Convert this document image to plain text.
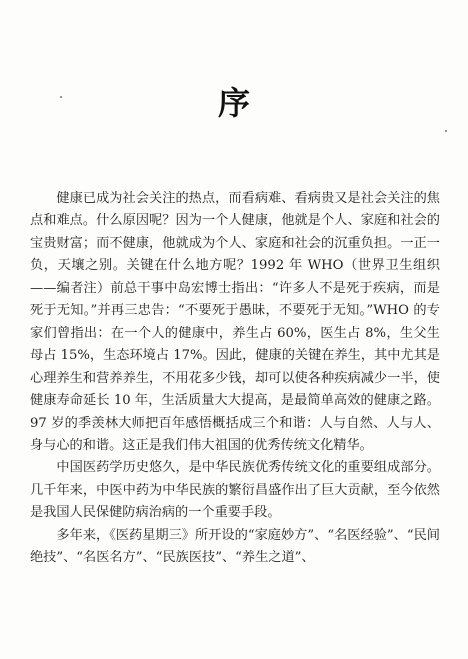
序

健康已成为社会关注的热点，而看病难、看病贵又是社会关注的焦点和难点。什么原因呢？因为一个人健康，他就是个人、家庭和社会的宝贵财富；而不健康，他就成为个人、家庭和社会的沉重负担。一正一负，天壤之别。关键在什么地方呢？1992 年 WHO（世界卫生组织——编者注）前总干事中岛宏博士指出：“许多人不是死于疾病，而是死于无知。”并再三忠告：“不要死于愚昧，不要死于无知。”WHO 的专家们曾指出：在一个人的健康中，养生占 60%，医生占 8%，生父生母占 15%，生态环境占 17%。因此，健康的关键在养生，其中尤其是心理养生和营养养生，不用花多少钱，却可以使各种疾病减少一半，使健康寿命延长 10 年，生活质量大大提高，是最简单高效的健康之路。97 岁的季羡林大师把百年感悟概括成三个和谐：人与自然、人与人、身与心的和谐。这正是我们伟大祖国的优秀传统文化精华。

中国医药学历史悠久，是中华民族优秀传统文化的重要组成部分。几千年来，中医中药为中华民族的繁衍昌盛作出了巨大贡献，至今依然是我国人民保健防病治病的一个重要手段。

多年来，《医药星期三》所开设的“家庭妙方”、“名医经验”、“民间绝技”、“名医名方”、“民族医技”、“养生之道”、
